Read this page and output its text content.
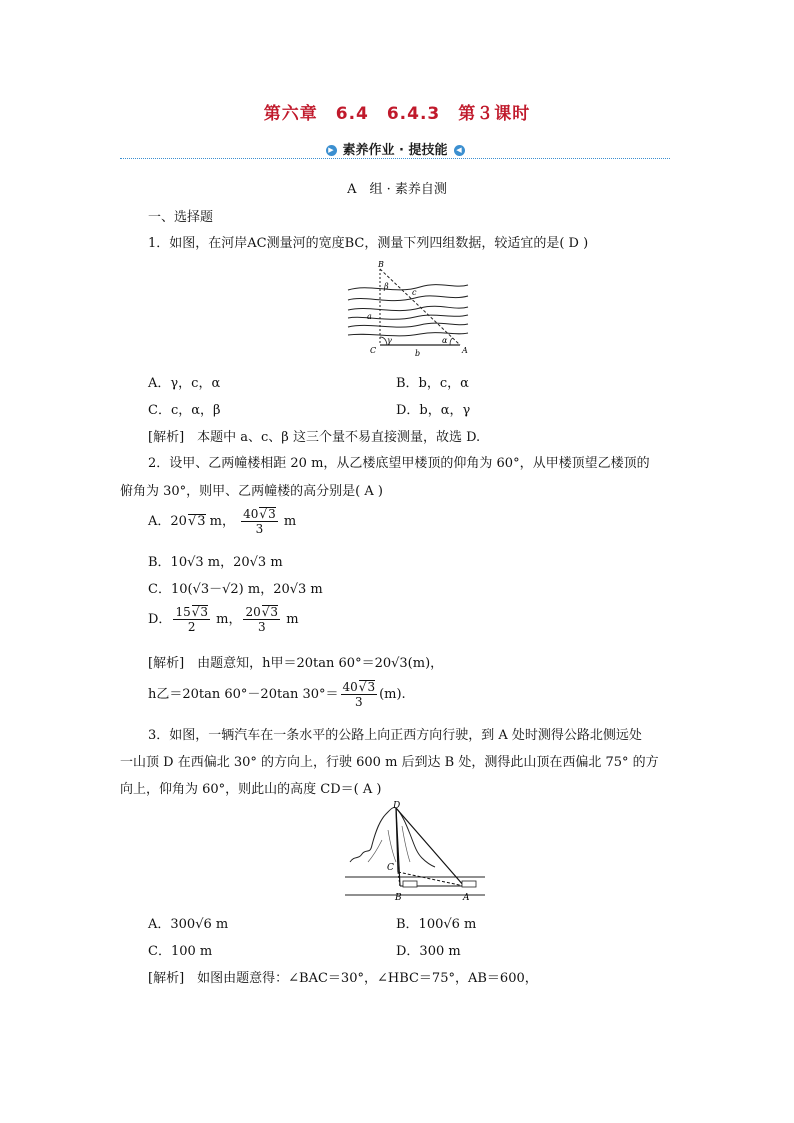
第六章　6.4　6.4.3　第３课时
▶ 素养作业 · 提技能 ◀
A　组 · 素养自测
一、选择题
1．如图，在河岸AC测量河的宽度BC，测量下列四组数据，较适宜的是( D )
B
β
c
a
γ	α
C	b	A
A．γ，c，α	B．b，c，α
C．c，α，β	D．b，α，γ
[解析]　本题中 a、c、β 这三个量不易直接测量，故选 D.
2．设甲、乙两幢楼相距 20 m，从乙楼底望甲楼顶的仰角为 60°，从甲楼顶望乙楼顶的
俯角为 30°，则甲、乙两幢楼的高分别是( A )
A．20 √ 3 m， $\frac{40 √ 3}{3}$ m
B．10√3 m，20√3 m
C．10(√3－√2) m，20√3 m
D． $\frac{15 √ 3}{2}$ m， $\frac{20 √ 3}{3}$ m
[解析]　由题意知，h甲＝20tan 60°＝20√3(m)，
h乙＝20tan 60°－20tan $30^\circ= \frac{40 √ 3}{3} (m)$.
3．如图，一辆汽车在一条水平的公路上向正西方向行驶，到 A 处时测得公路北侧远处
一山顶 D 在西偏北 30° 的方向上，行驶 600 m 后到达 B 处，测得此山顶在西偏北 75° 的方
向上，仰角为 60°，则此山的高度 CD＝( A )
D
C
B	A
A．300√6 m	B．100√6 m
C．100 m	D．300 m
[解析]　如图由题意得：∠BAC＝30°，∠HBC＝75°，AB＝600，
